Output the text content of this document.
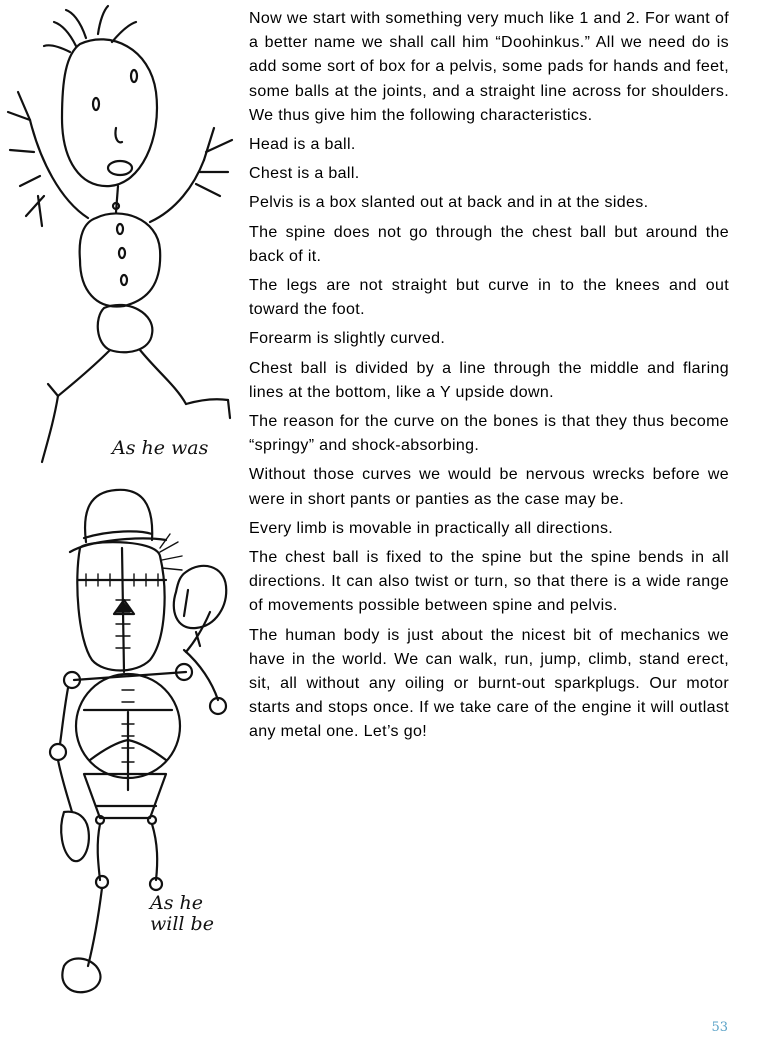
As he was
As he
will be

Now we start with something very much like 1 and 2. For want of a better name we shall call him “Doohinkus.” All we need do is add some sort of box for a pelvis, some pads for hands and feet, some balls at the joints, and a straight line across for shoulders. We thus give him the following characteristics.

Head is a ball.

Chest is a ball.

Pelvis is a box slanted out at back and in at the sides.

The spine does not go through the chest ball but around the back of it.

The legs are not straight but curve in to the knees and out toward the foot.

Forearm is slightly curved.

Chest ball is divided by a line through the middle and flaring lines at the bottom, like a Y upside down.

The reason for the curve on the bones is that they thus become “springy” and shock-absorbing.

Without those curves we would be nervous wrecks before we were in short pants or panties as the case may be.

Every limb is movable in practically all directions.

The chest ball is fixed to the spine but the spine bends in all directions. It can also twist or turn, so that there is a wide range of movements possible between spine and pelvis.

The human body is just about the nicest bit of mechanics we have in the world. We can walk, run, jump, climb, stand erect, sit, all without any oiling or burnt-out sparkplugs. Our motor starts and stops once. If we take care of the engine it will outlast any metal one. Let’s go!

53
